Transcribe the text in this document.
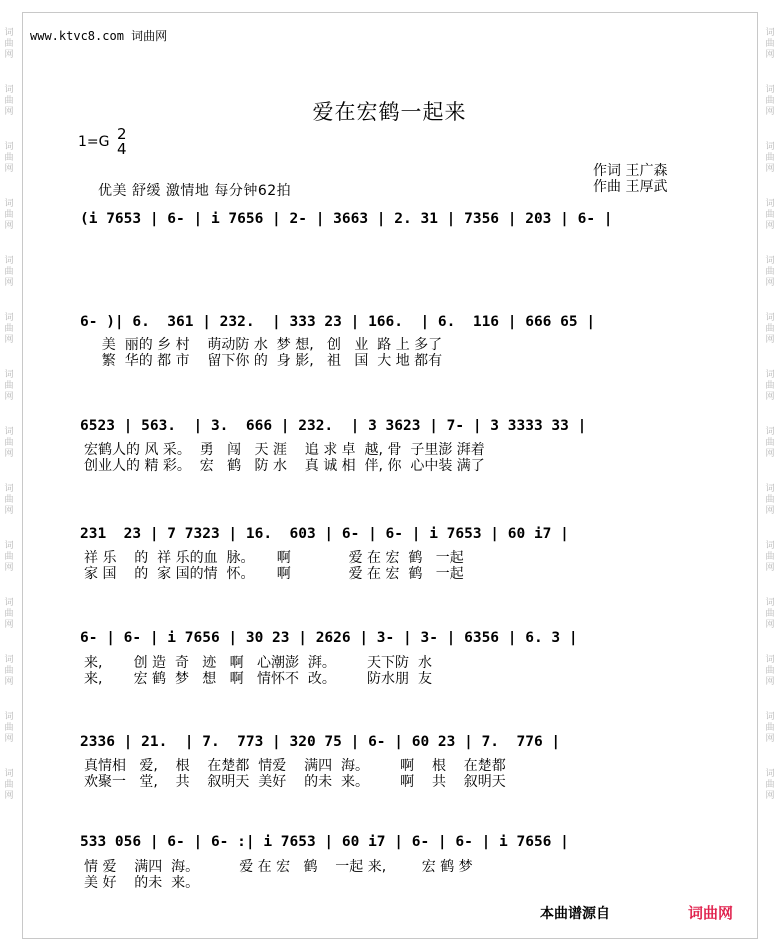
词
曲
网
词
曲
网
词
曲
网
词
曲
网
词
曲
网
词
曲
网
词
曲
网
词
曲
网
词
曲
网
词
曲
网
词
曲
网
词
曲
网
词
曲
网
词
曲
网
词
曲
网
词
曲
网
词
曲
网
词
曲
网
词
曲
网
词
曲
网
词
曲
网
词
曲
网
词
曲
网
词
曲
网
词
曲
网
词
曲
网
词
曲
网
词
曲
网
www.ktvc8.com 词曲网
爱在宏鹤一起来
1=G 2
4
作词 王广森
作曲 王厚武
优美 舒缓 激情地 每分钟62拍
(i 7653 | 6- | i 7656 | 2- | 3663 | 2. 31 | 7356 | 203 | 6- |
6- )| 6.  361 | 232.  | 333 23 | 166.  | 6.  116 | 666 65 |
美  丽的 乡 村    萌动防 水  梦 想,   创   业  路 上 多了
繁  华的 都 市    留下你 的  身 影,   祖   国  大 地 都有
6523 | 563.  | 3.  666 | 232.  | 3 3623 | 7- | 3 3333 33 |
宏鹤人的 风 采。  勇   闯   天 涯    追 求 卓  越, 骨  子里澎 湃着
创业人的 精 彩。  宏   鹤   防 水    真 诚 相  伴, 你  心中装 满了
231  23 | 7 7323 | 16.  603 | 6- | 6- | i 7653 | 60 i7 |
祥 乐    的  祥 乐的血  脉。     啊             爱 在 宏  鹤   一起
家 国    的  家 国的情  怀。     啊             爱 在 宏  鹤   一起
6- | 6- | i 7656 | 30 23 | 2626 | 3- | 3- | 6356 | 6. 3 |
来,       创 造  奇   迹   啊   心潮澎  湃。       天下防  水
来,       宏 鹤  梦   想   啊   情怀不  改。       防水朋  友
2336 | 21.  | 7.  773 | 320 75 | 6- | 60 23 | 7.  776 |
真情相   爱,    根    在楚都  情爱    满四  海。       啊    根    在楚都
欢聚一   堂,    共    叙明天  美好    的未  来。       啊    共    叙明天
533 056 | 6- | 6- :| i 7653 | 60 i7 | 6- | 6- | i 7656 |
情 爱    满四  海。         爱 在 宏   鹤    一起 来,        宏 鹤 梦
美 好    的未  来。
本曲谱源自	词曲网
